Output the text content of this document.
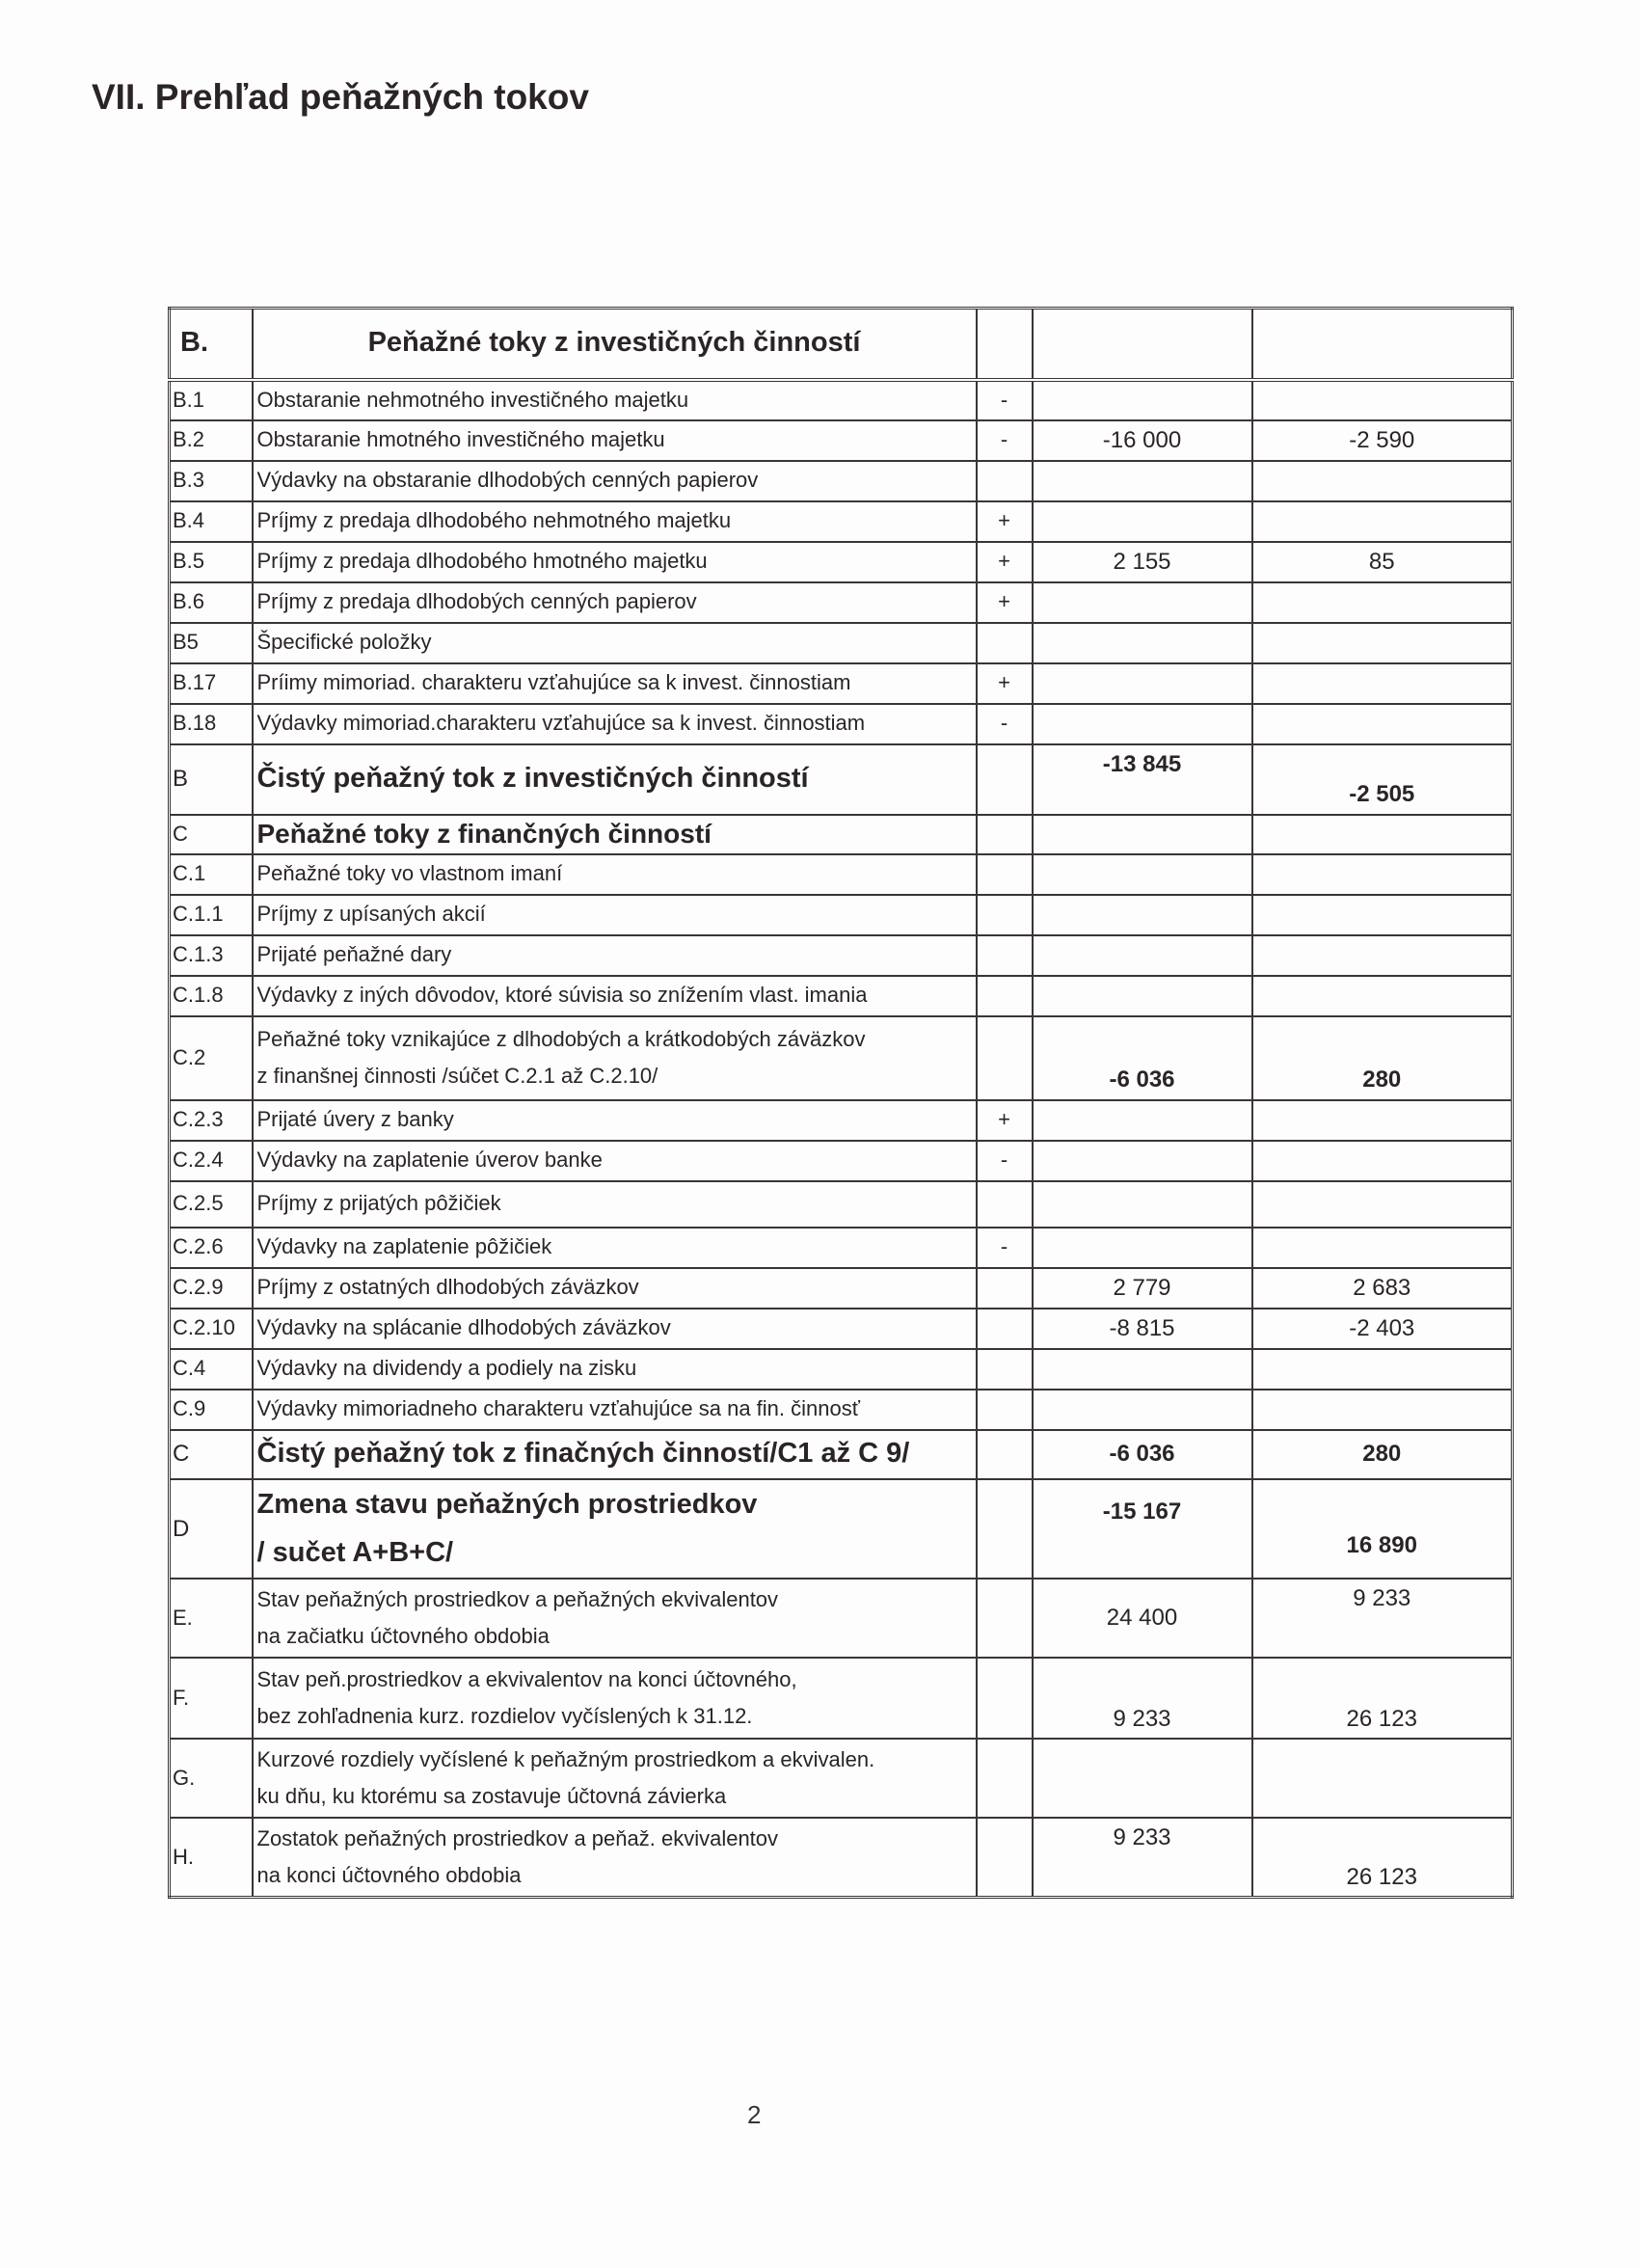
VII. Prehľad peňažných tokov
B.	Peňažné toky z investičných činností			
B.1	Obstaranie nehmotného investičného majetku	-	

B.2	Obstaranie hmotného investičného majetku	-	-16 000	-2 590

B.3	Výdavky na obstaranie dlhodobých cenných papierov			

B.4	Príjmy z predaja dlhodobého nehmotného majetku	+	

B.5	Príjmy z predaja dlhodobého hmotného majetku	+	2 155	85

B.6	Príjmy z predaja dlhodobých cenných papierov	+	

B5	Špecifické položky			

B.17	Príimy mimoriad. charakteru vzťahujúce sa k invest. činnostiam	+	

B.18	Výdavky mimoriad.charakteru vzťahujúce sa k invest. činnostiam	-	

B	Čistý peňažný tok z investičných činností		-13 845	-2 505

C	Peňažné toky z finančných činností			

C.1	Peňažné toky vo vlastnom imaní			

C.1.1	Príjmy z upísaných akcií			

C.1.3	Prijaté peňažné dary			

C.1.8	Výdavky z iných dôvodov, ktoré súvisia so znížením vlast. imania			

C.2	Peňažné toky vznikajúce z dlhodobých a krátkodobých záväzkov
z finanšnej činnosti /súčet C.2.1 až C.2.10/		-6 036	280

C.2.3	Prijaté úvery z banky	+	

C.2.4	Výdavky na zaplatenie úverov banke	-	

C.2.5	Príjmy z prijatých pôžičiek			

C.2.6	Výdavky na zaplatenie pôžičiek	-	

C.2.9	Príjmy z ostatných dlhodobých záväzkov		2 779	2 683

C.2.10	Výdavky na splácanie dlhodobých záväzkov		-8 815	-2 403

C.4	Výdavky na dividendy a podiely na zisku			

C.9	Výdavky mimoriadneho charakteru vzťahujúce sa na fin. činnosť			

C	Čistý peňažný tok z finačných činností/C1 až C 9/		-6 036	280

D	Zmena stavu peňažných prostriedkov
/ sučet A+B+C/		-15 167	16 890

E.	Stav peňažných prostriedkov a peňažných ekvivalentov
na začiatku účtovného obdobia		24 400	9 233

F.	Stav peň.prostriedkov a ekvivalentov na konci účtovného,
bez zohľadnenia kurz. rozdielov vyčíslených k 31.12.		9 233	26 123

G.	Kurzové rozdiely vyčíslené k peňažným prostriedkom a ekvivalen.
ku dňu, ku ktorému sa zostavuje účtovná závierka			

H.	Zostatok peňažných prostriedkov a peňaž. ekvivalentov
na konci účtovného obdobia		9 233	26 123
2
